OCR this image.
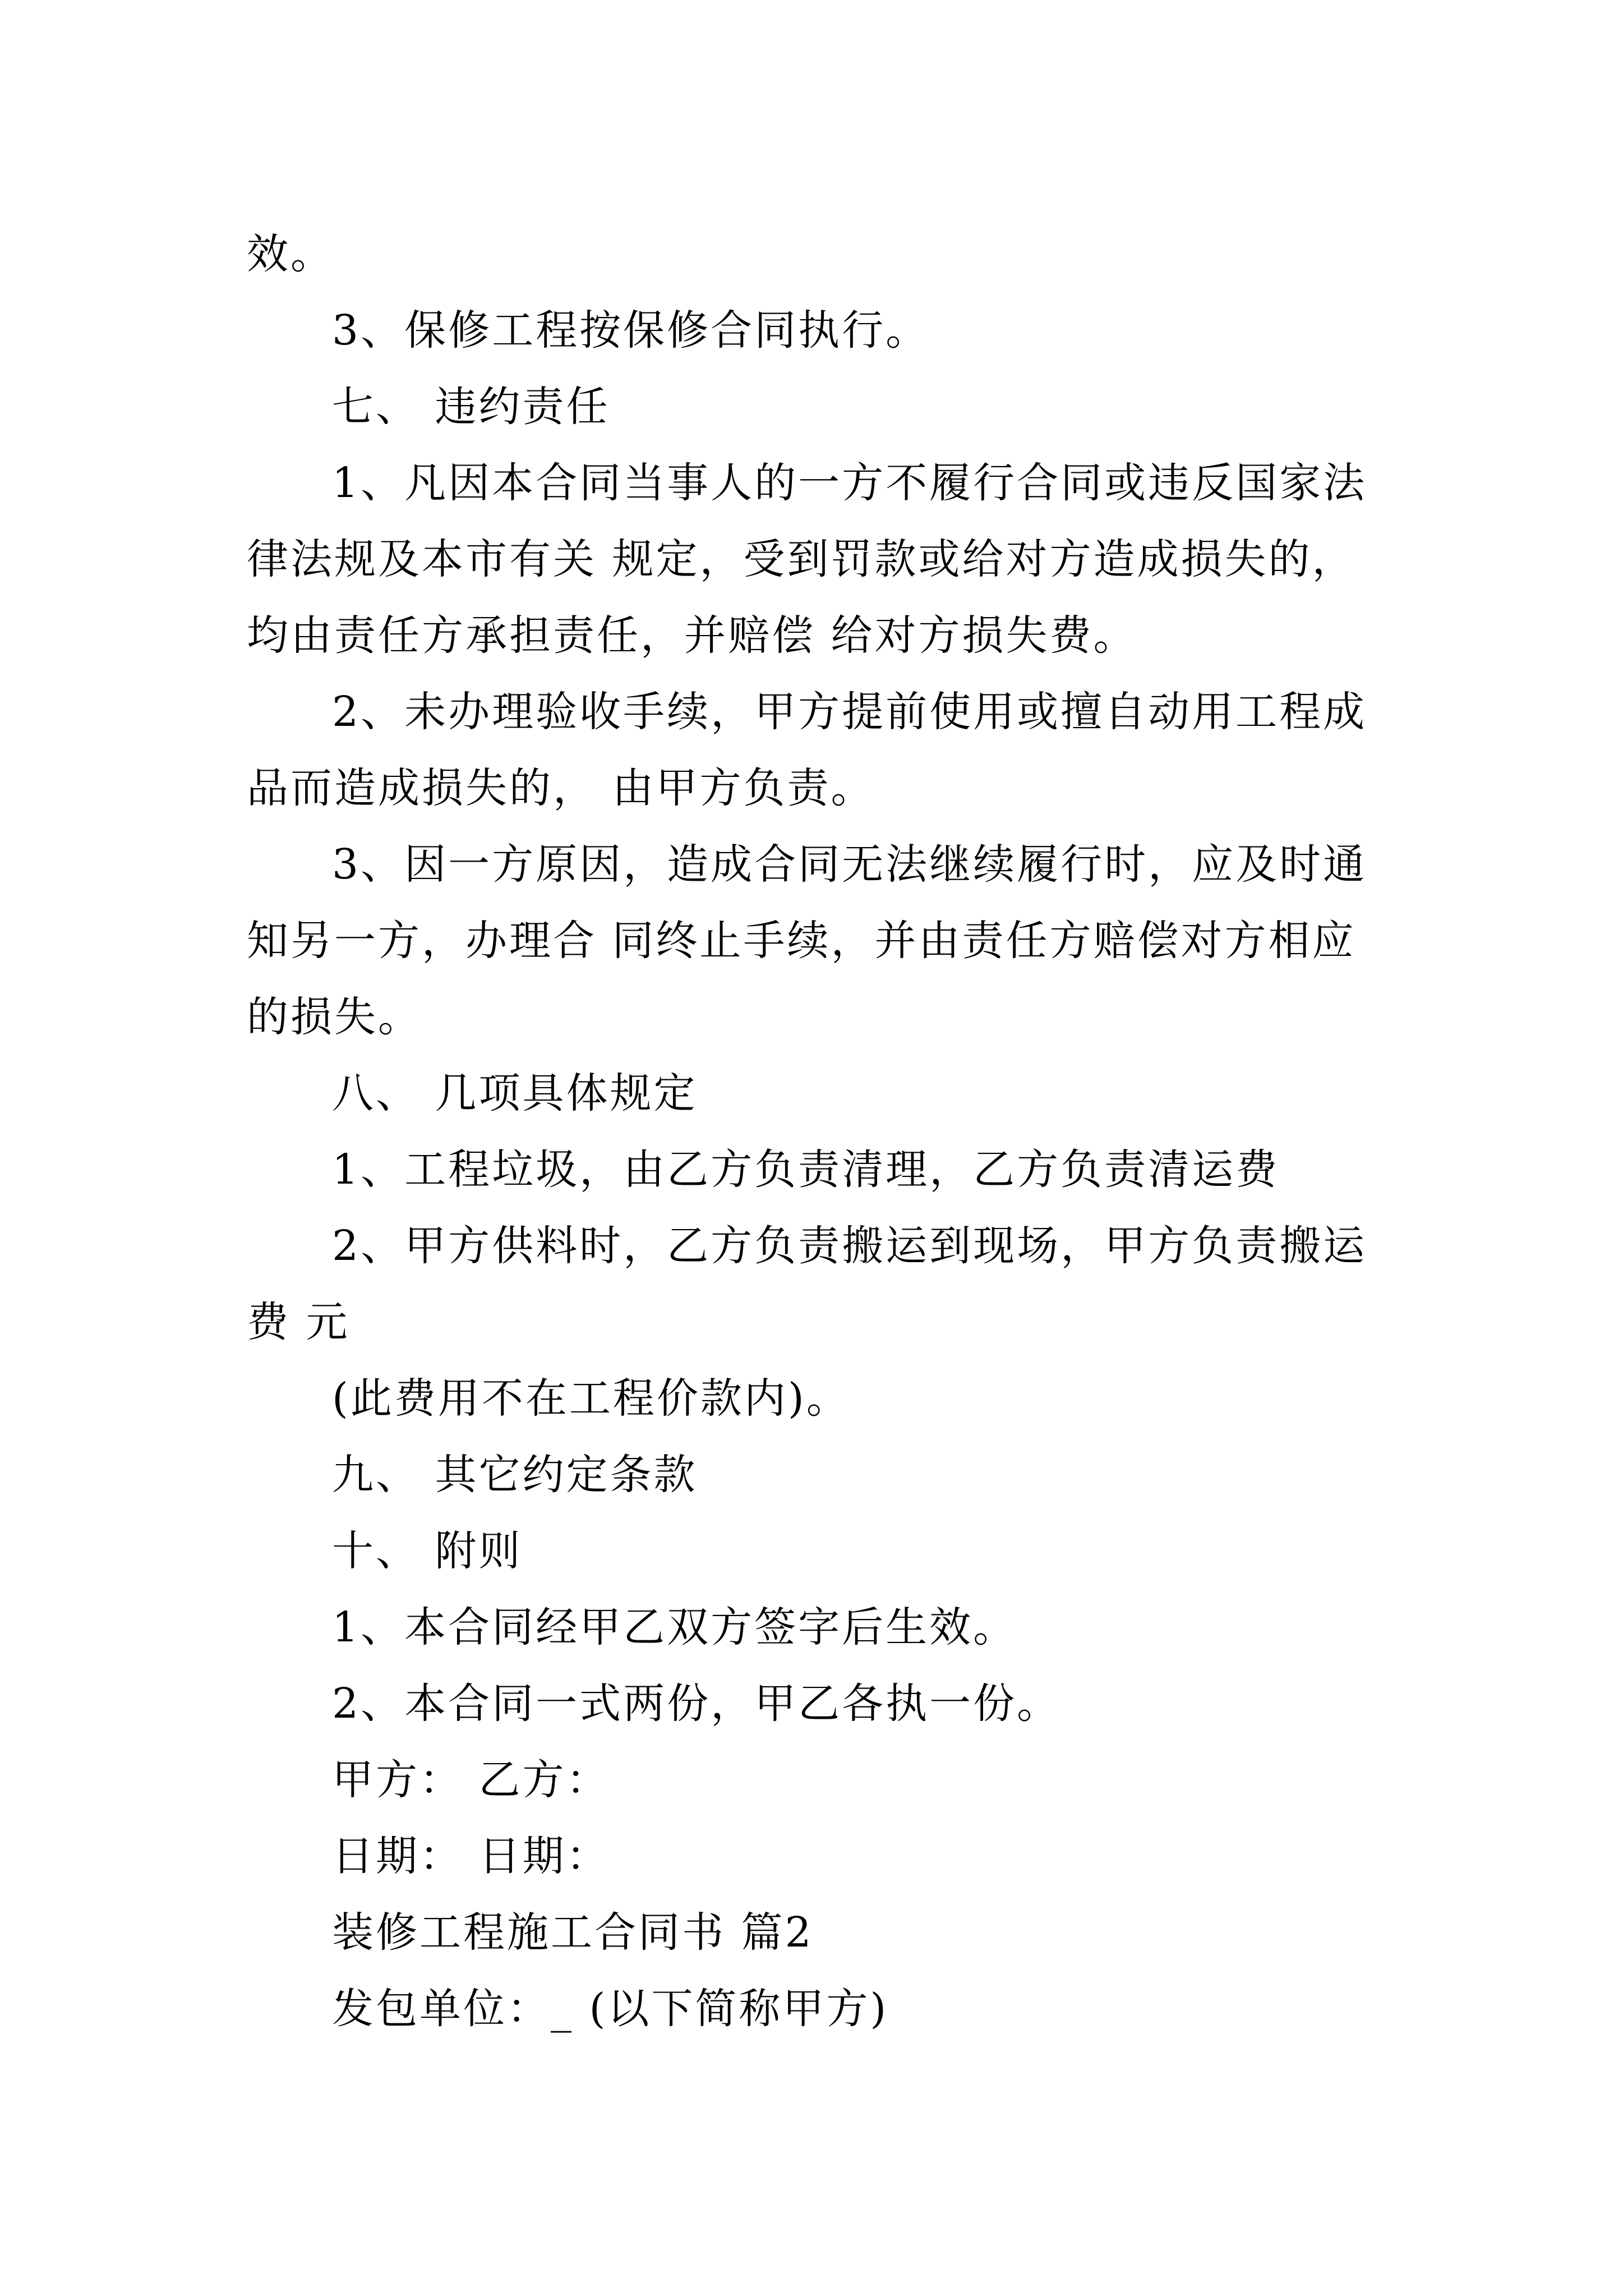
效。

3、保修工程按保修合同执行。

七、 违约责任

1、凡因本合同当事人的一方不履行合同或违反国家法律法规及本市有关 规定，受到罚款或给对方造成损失的，均由责任方承担责任，并赔偿 给对方损失费。

2、未办理验收手续，甲方提前使用或擅自动用工程成品而造成损失的， 由甲方负责。

3、因一方原因，造成合同无法继续履行时，应及时通知另一方，办理合 同终止手续，并由责任方赔偿对方相应的损失。

八、 几项具体规定

1、工程垃圾，由乙方负责清理，乙方负责清运费

2、甲方供料时，乙方负责搬运到现场，甲方负责搬运费 元

(此费用不在工程价款内)。

九、 其它约定条款

十、 附则

1、本合同经甲乙双方签字后生效。

2、本合同一式两份，甲乙各执一份。

甲方： 乙方：

日期： 日期：

装修工程施工合同书 篇2

发包单位：_ (以下简称甲方)
